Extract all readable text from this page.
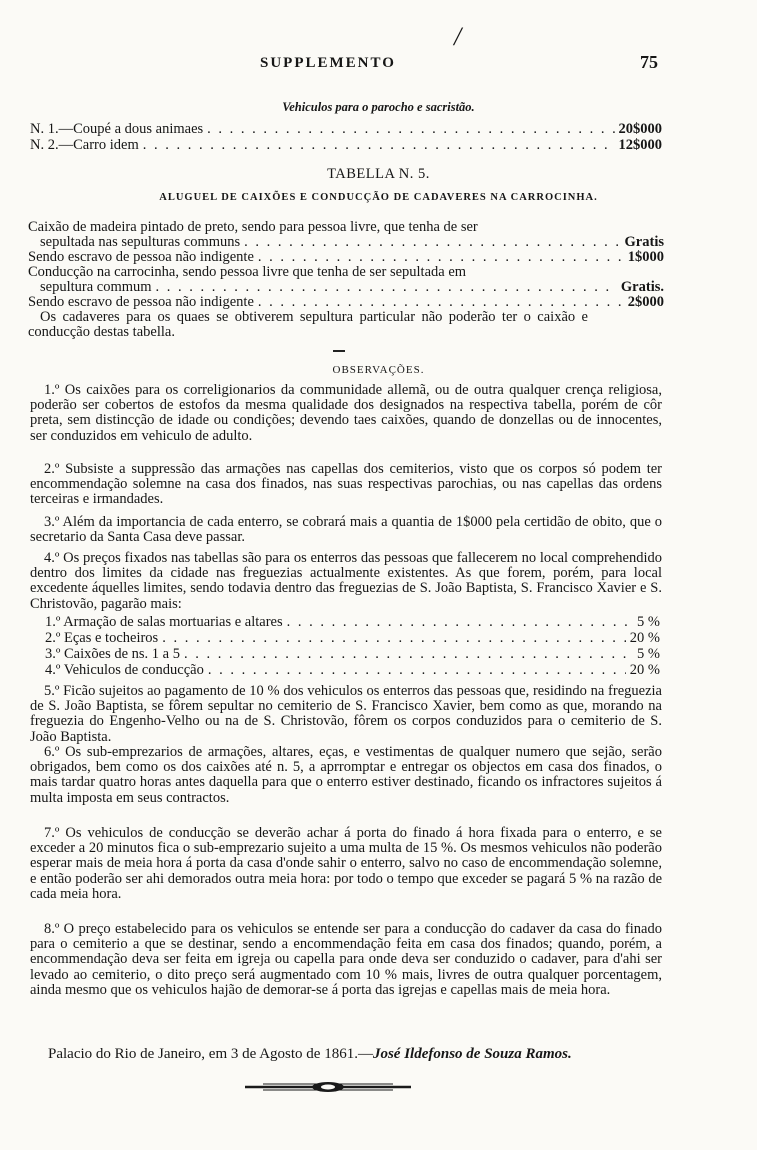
SUPPLEMENTO
/
75
Vehiculos para o parocho e sacristão.
N. 1.—Coupé a dous animaes . . .	20$000
N. 2.—Carro idem . . .	12$000
TABELLA N. 5.
ALUGUEL DE CAIXÕES E CONDUCÇÃO DE CADAVERES NA CARROCINHA.
Caixão de madeira pintado de preto, sendo para pessoa livre, que tenha de ser
sepultada nas sepulturas communs . . .	Gratis
Sendo escravo de pessoa não indigente . . .	1$000
Conducção na carrocinha, sendo pessoa livre que tenha de ser sepultada em
sepultura commum . . .	Gratis.
Sendo escravo de pessoa não indigente . . .	2$000
Os cadaveres para os quaes se obtiverem sepultura particular não poderão ter o caixão e conducção destas tabella.
OBSERVAÇÕES.

1.º Os caixões para os correligionarios da communidade allemã, ou de outra qualquer crença religiosa, poderão ser cobertos de estofos da mesma qualidade dos designados na respectiva tabella, porém de côr preta, sem distincção de idade ou condições; devendo taes caixões, quando de donzellas ou de innocentes, ser conduzidos em vehiculo de adulto.

2.º Subsiste a suppressão das armações nas capellas dos cemiterios, visto que os corpos só podem ter encommendação solemne na casa dos finados, nas suas respectivas parochias, ou nas capellas das ordens terceiras e irmandades.

3.º Além da importancia de cada enterro, se cobrará mais a quantia de 1$000 pela certidão de obito, que o secretario da Santa Casa deve passar.

4.º Os preços fixados nas tabellas são para os enterros das pessoas que fallecerem no local comprehendido dentro dos limites da cidade nas freguezias actualmente existentes. As que forem, porém, para local excedente áquelles limites, sendo todavia dentro das freguezias de S. João Baptista, S. Francisco Xavier e S. Christovão, pagarão mais:

1.º Armação de salas mortuarias e altares . . .	5 %
2.º Eças e tocheiros . . .	20 %
3.º Caixões de ns. 1 a 5 . . .	5 %
4.º Vehiculos de conducção . . .	20 %

5.º Ficão sujeitos ao pagamento de 10 % dos vehiculos os enterros das pessoas que, residindo na freguezia de S. João Baptista, se fôrem sepultar no cemiterio de S. Francisco Xavier, bem como as que, morando na freguezia do Engenho-Velho ou na de S. Christovão, fôrem os corpos conduzidos para o cemiterio de S. João Baptista.

6.º Os sub-emprezarios de armações, altares, eças, e vestimentas de qualquer numero que sejão, serão obrigados, bem como os dos caixões até n. 5, a aprromptar e entregar os objectos em casa dos finados, o mais tardar quatro horas antes daquella para que o enterro estiver destinado, ficando os infractores sujeitos á multa imposta em seus contractos.

7.º Os vehiculos de conducção se deverão achar á porta do finado á hora fixada para o enterro, e se exceder a 20 minutos fica o sub-emprezario sujeito a uma multa de 15 %. Os mesmos vehiculos não poderão esperar mais de meia hora á porta da casa d'onde sahir o enterro, salvo no caso de encommendação solemne, e então poderão ser ahi demorados outra meia hora: por todo o tempo que exceder se pagará 5 % na razão de cada meia hora.

8.º O preço estabelecido para os vehiculos se entende ser para a conducção do cadaver da casa do finado para o cemiterio a que se destinar, sendo a encommendação feita em casa dos finados; quando, porém, a encommendação deva ser feita em igreja ou capella para onde deva ser conduzido o cadaver, para d'ahi ser levado ao cemiterio, o dito preço será augmentado com 10 % mais, livres de outra qualquer porcentagem, ainda mesmo que os vehiculos hajão de demorar-se á porta das igrejas e capellas mais de meia hora.

Palacio do Rio de Janeiro, em 3 de Agosto de 1861.—José Ildefonso de Souza Ramos.
